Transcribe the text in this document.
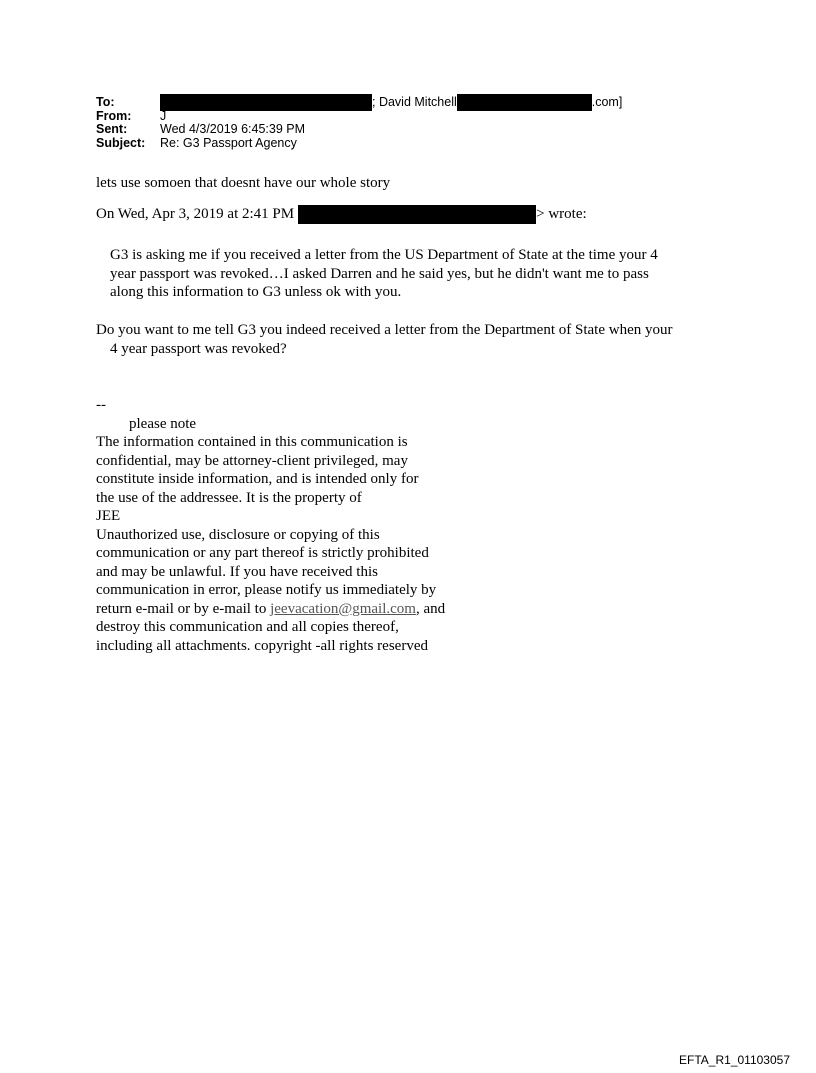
To:	; David Mitchell	.com]
From:	J
Sent:	Wed 4/3/2019 6:45:39 PM
Subject:	Re: G3 Passport Agency
lets use somoen that doesnt have our whole story
On Wed, Apr 3, 2019 at 2:41 PM	> wrote:
G3 is asking me if you received a letter from the US Department of State at the time your 4
year passport was revoked…I asked Darren and he said yes, but he didn't want me to pass
along this information to G3 unless ok with you.
Do you want to me tell G3 you indeed received a letter from the Department of State when your
4 year passport was revoked?
--
please note
The information contained in this communication is
confidential, may be attorney-client privileged, may
constitute inside information, and is intended only for
the use of the addressee. It is the property of
JEE
Unauthorized use, disclosure or copying of this
communication or any part thereof is strictly prohibited
and may be unlawful. If you have received this
communication in error, please notify us immediately by
return e-mail or by e-mail to jeevacation@gmail.com, and
destroy this communication and all copies thereof,
including all attachments. copyright -all rights reserved
EFTA_R1_01103057
